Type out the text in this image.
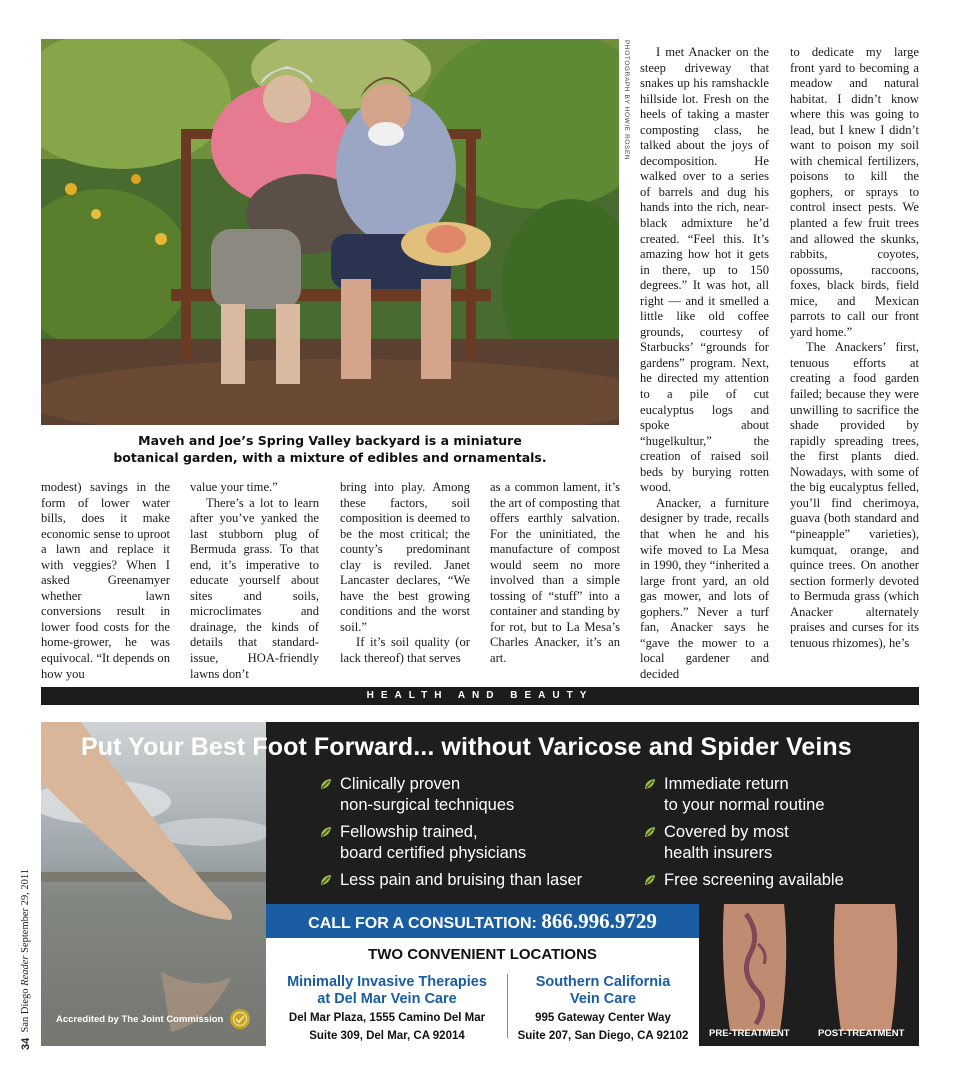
PHOTOGRAPH BY HOWIE ROSEN
Maveh and Joe’s Spring Valley backyard is a miniature
botanical garden, with a mixture of edibles and ornamentals.

modest) savings in the form of lower water bills, does it make economic sense to uproot a lawn and replace it with veggies? When I asked Greenamyer whether lawn conversions result in lower food costs for the home-grower, he was equivocal. “It depends on how you

value your time.”

There’s a lot to learn after you’ve yanked the last stubborn plug of Bermuda grass. To that end, it’s imperative to educate yourself about sites and soils, microclimates and drainage, the kinds of details that standard-issue, HOA-friendly lawns don’t

bring into play. Among these factors, soil composition is deemed to be the most critical; the county’s predominant clay is reviled. Janet Lancaster declares, “We have the best growing conditions and the worst soil.”

If it’s soil quality (or lack thereof) that serves

as a common lament, it’s the art of composting that offers earthly salvation. For the uninitiated, the manufacture of compost would seem no more involved than a simple tossing of “stuff” into a container and standing by for rot, but to La Mesa’s Charles Anacker, it’s an art.

I met Anacker on the steep driveway that snakes up his ramshackle hillside lot. Fresh on the heels of taking a master composting class, he talked about the joys of decomposition. He walked over to a series of barrels and dug his hands into the rich, near-black admixture he’d created. “Feel this. It’s amazing how hot it gets in there, up to 150 degrees.” It was hot, all right — and it smelled a little like old coffee grounds, courtesy of Starbucks’ “grounds for gardens” program. Next, he directed my attention to a pile of cut eucalyptus logs and spoke about “hugelkultur,” the creation of raised soil beds by burying rotten wood.

Anacker, a furniture designer by trade, recalls that when he and his wife moved to La Mesa in 1990, they “inherited a large front yard, an old gas mower, and lots of gophers.” Never a turf fan, Anacker says he “gave the mower to a local gardener and decided

to dedicate my large front yard to becoming a meadow and natural habitat. I didn’t know where this was going to lead, but I knew I didn’t want to poison my soil with chemical fertilizers, poisons to kill the gophers, or sprays to control insect pests. We planted a few fruit trees and allowed the skunks, rabbits, coyotes, opossums, raccoons, foxes, black birds, field mice, and Mexican parrots to call our front yard home.”

The Anackers’ first, tenuous efforts at creating a food garden failed; because they were unwilling to sacrifice the shade provided by rapidly spreading trees, the first plants died. Nowadays, with some of the big eucalyptus felled, you’ll find cherimoya, guava (both standard and “pineapple” varieties), kumquat, orange, and quince trees. On another section formerly devoted to Bermuda grass (which Anacker alternately praises and curses for its tenuous rhizomes), he’s

HEALTH AND BEAUTY
Put Your Best Foot Forward... without Varicose and Spider Veins
Clinically proven
non-surgical techniques
Fellowship trained,
board certified physicians
Less pain and bruising than laser
Immediate return
to your normal routine
Covered by most
health insurers
Free screening available
CALL FOR A CONSULTATION: 866.996.9729
TWO CONVENIENT LOCATIONS
Minimally Invasive Therapies
at Del Mar Vein Care
Del Mar Plaza, 1555 Camino Del Mar
Suite 309, Del Mar, CA 92014
Southern California
Vein Care
995 Gateway Center Way
Suite 207, San Diego, CA 92102
Accredited by The Joint Commission
PRE-TREATMENT	POST-TREATMENT
34  San Diego Reader September 29, 2011
